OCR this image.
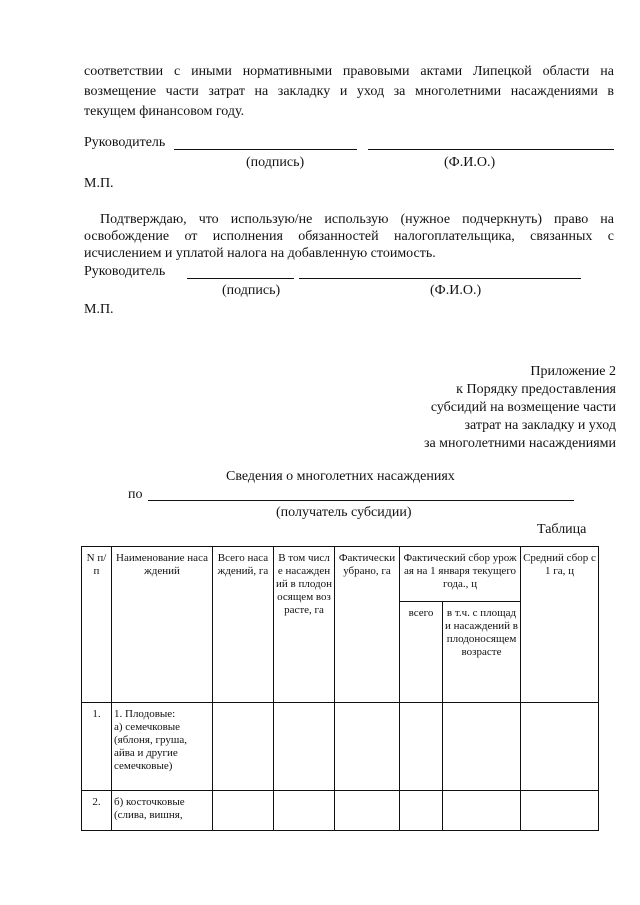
соответствии с иными нормативными правовыми актами Липецкой области на
возмещение части затрат на закладку и уход за многолетними насаждениями в
текущем финансовом году.
Руководитель
(подпись)	(Ф.И.О.)
М.П.
Подтверждаю, что использую/не использую (нужное подчеркнуть) право на
освобождение от исполнения обязанностей налогоплательщика, связанных с
исчислением и уплатой налога на добавленную стоимость.
Руководитель
(подпись)	(Ф.И.О.)
М.П.
Приложение 2
к Порядку предоставления
субсидий на возмещение части
затрат на закладку и уход
за многолетними насаждениями
Сведения о многолетних насаждениях
по
(получатель субсидии)
Таблица
N п/п	Наименование насаждений	Всего насаждений, га	В том числе насаждений в плодоносящем возрасте, га	Фактически убрано, га	Фактический сбор урожая на 1 января текущего года., ц		Средний сбор с 1 га, ц
					всего	в т.ч. с площади насаждений в плодоносящем возрасте	
1.	1. Плодовые:
а) семечковые
(яблоня, груша,
айва и другие
семечковые)						
2.	б) косточковые
(слива, вишня,						
